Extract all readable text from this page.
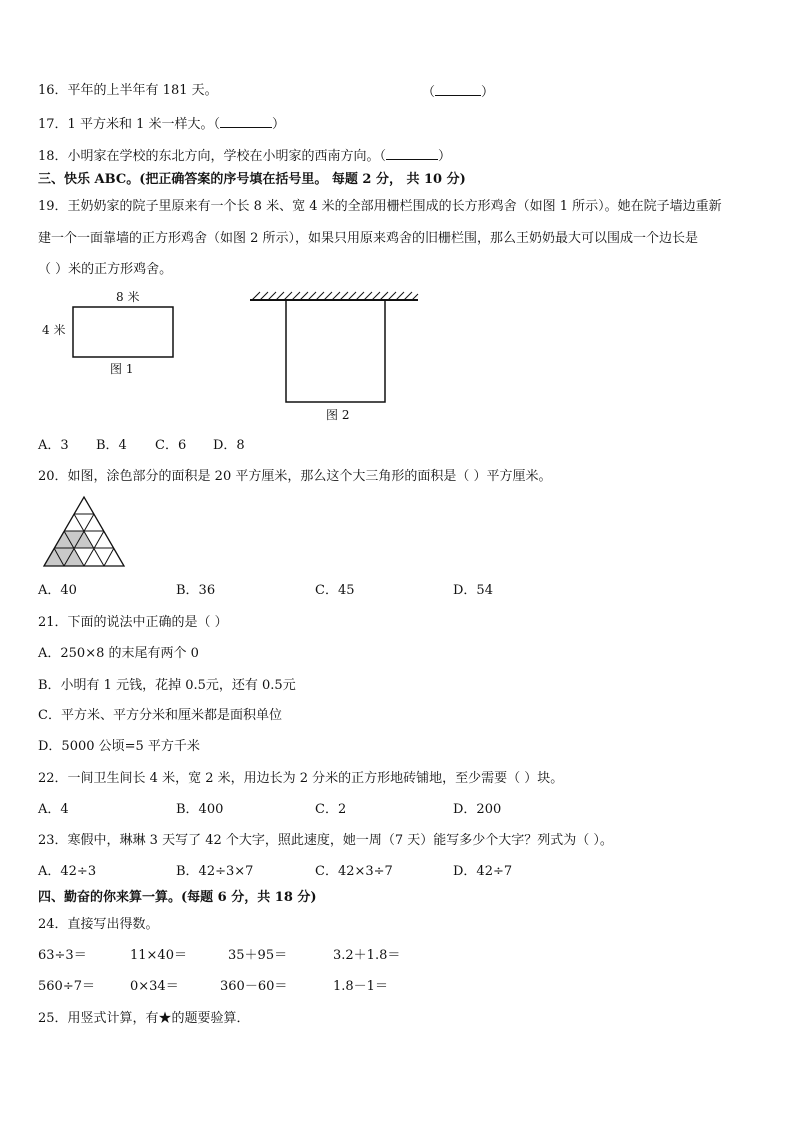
16．平年的上半年有 181 天。	（	）
17．1 平方米和 1 米一样大。（	）
18．小明家在学校的东北方向，学校在小明家的西南方向。（	）
三、快乐 ABC。(把正确答案的序号填在括号里。 每题 2 分， 共 10 分)
19．王奶奶家的院子里原来有一个长 8 米、宽 4 米的全部用栅栏围成的长方形鸡舍（如图 1 所示）。她在院子墙边重新
建一个一面靠墙的正方形鸡舍（如图 2 所示），如果只用原来鸡舍的旧栅栏围，那么王奶奶最大可以围成一个边长是
（ ）米的正方形鸡舍。
8 米
4 米
图 1
图 2
A．3 B．4 C．6 D．8
20．如图，涂色部分的面积是 20 平方厘米，那么这个大三角形的面积是（ ）平方厘米。
A．40	B．36	C．45	D．54
21．下面的说法中正确的是（ ）
A．250×8 的末尾有两个 0
B．小明有 1 元钱，花掉 0.5元，还有 0.5元
C．平方米、平方分米和厘米都是面积单位
D．5000 公顷=5 平方千米
22．一间卫生间长 4 米，宽 2 米，用边长为 2 分米的正方形地砖铺地，至少需要（ ）块。
A．4	B．400	C．2	D．200
23．寒假中，琳琳 3 天写了 42 个大字，照此速度，她一周（7 天）能写多少个大字？列式为（ ）。
A．42÷3	B．42÷3×7	C．42×3÷7	D．42÷7
四、勤奋的你来算一算。(每题 6 分，共 18 分)
24．直接写出得数。
63÷3＝	11×40＝	35＋95＝	3.2＋1.8＝
560÷7＝	0×34＝	360－60＝	1.8－1＝
25．用竖式计算，有★的题要验算．
